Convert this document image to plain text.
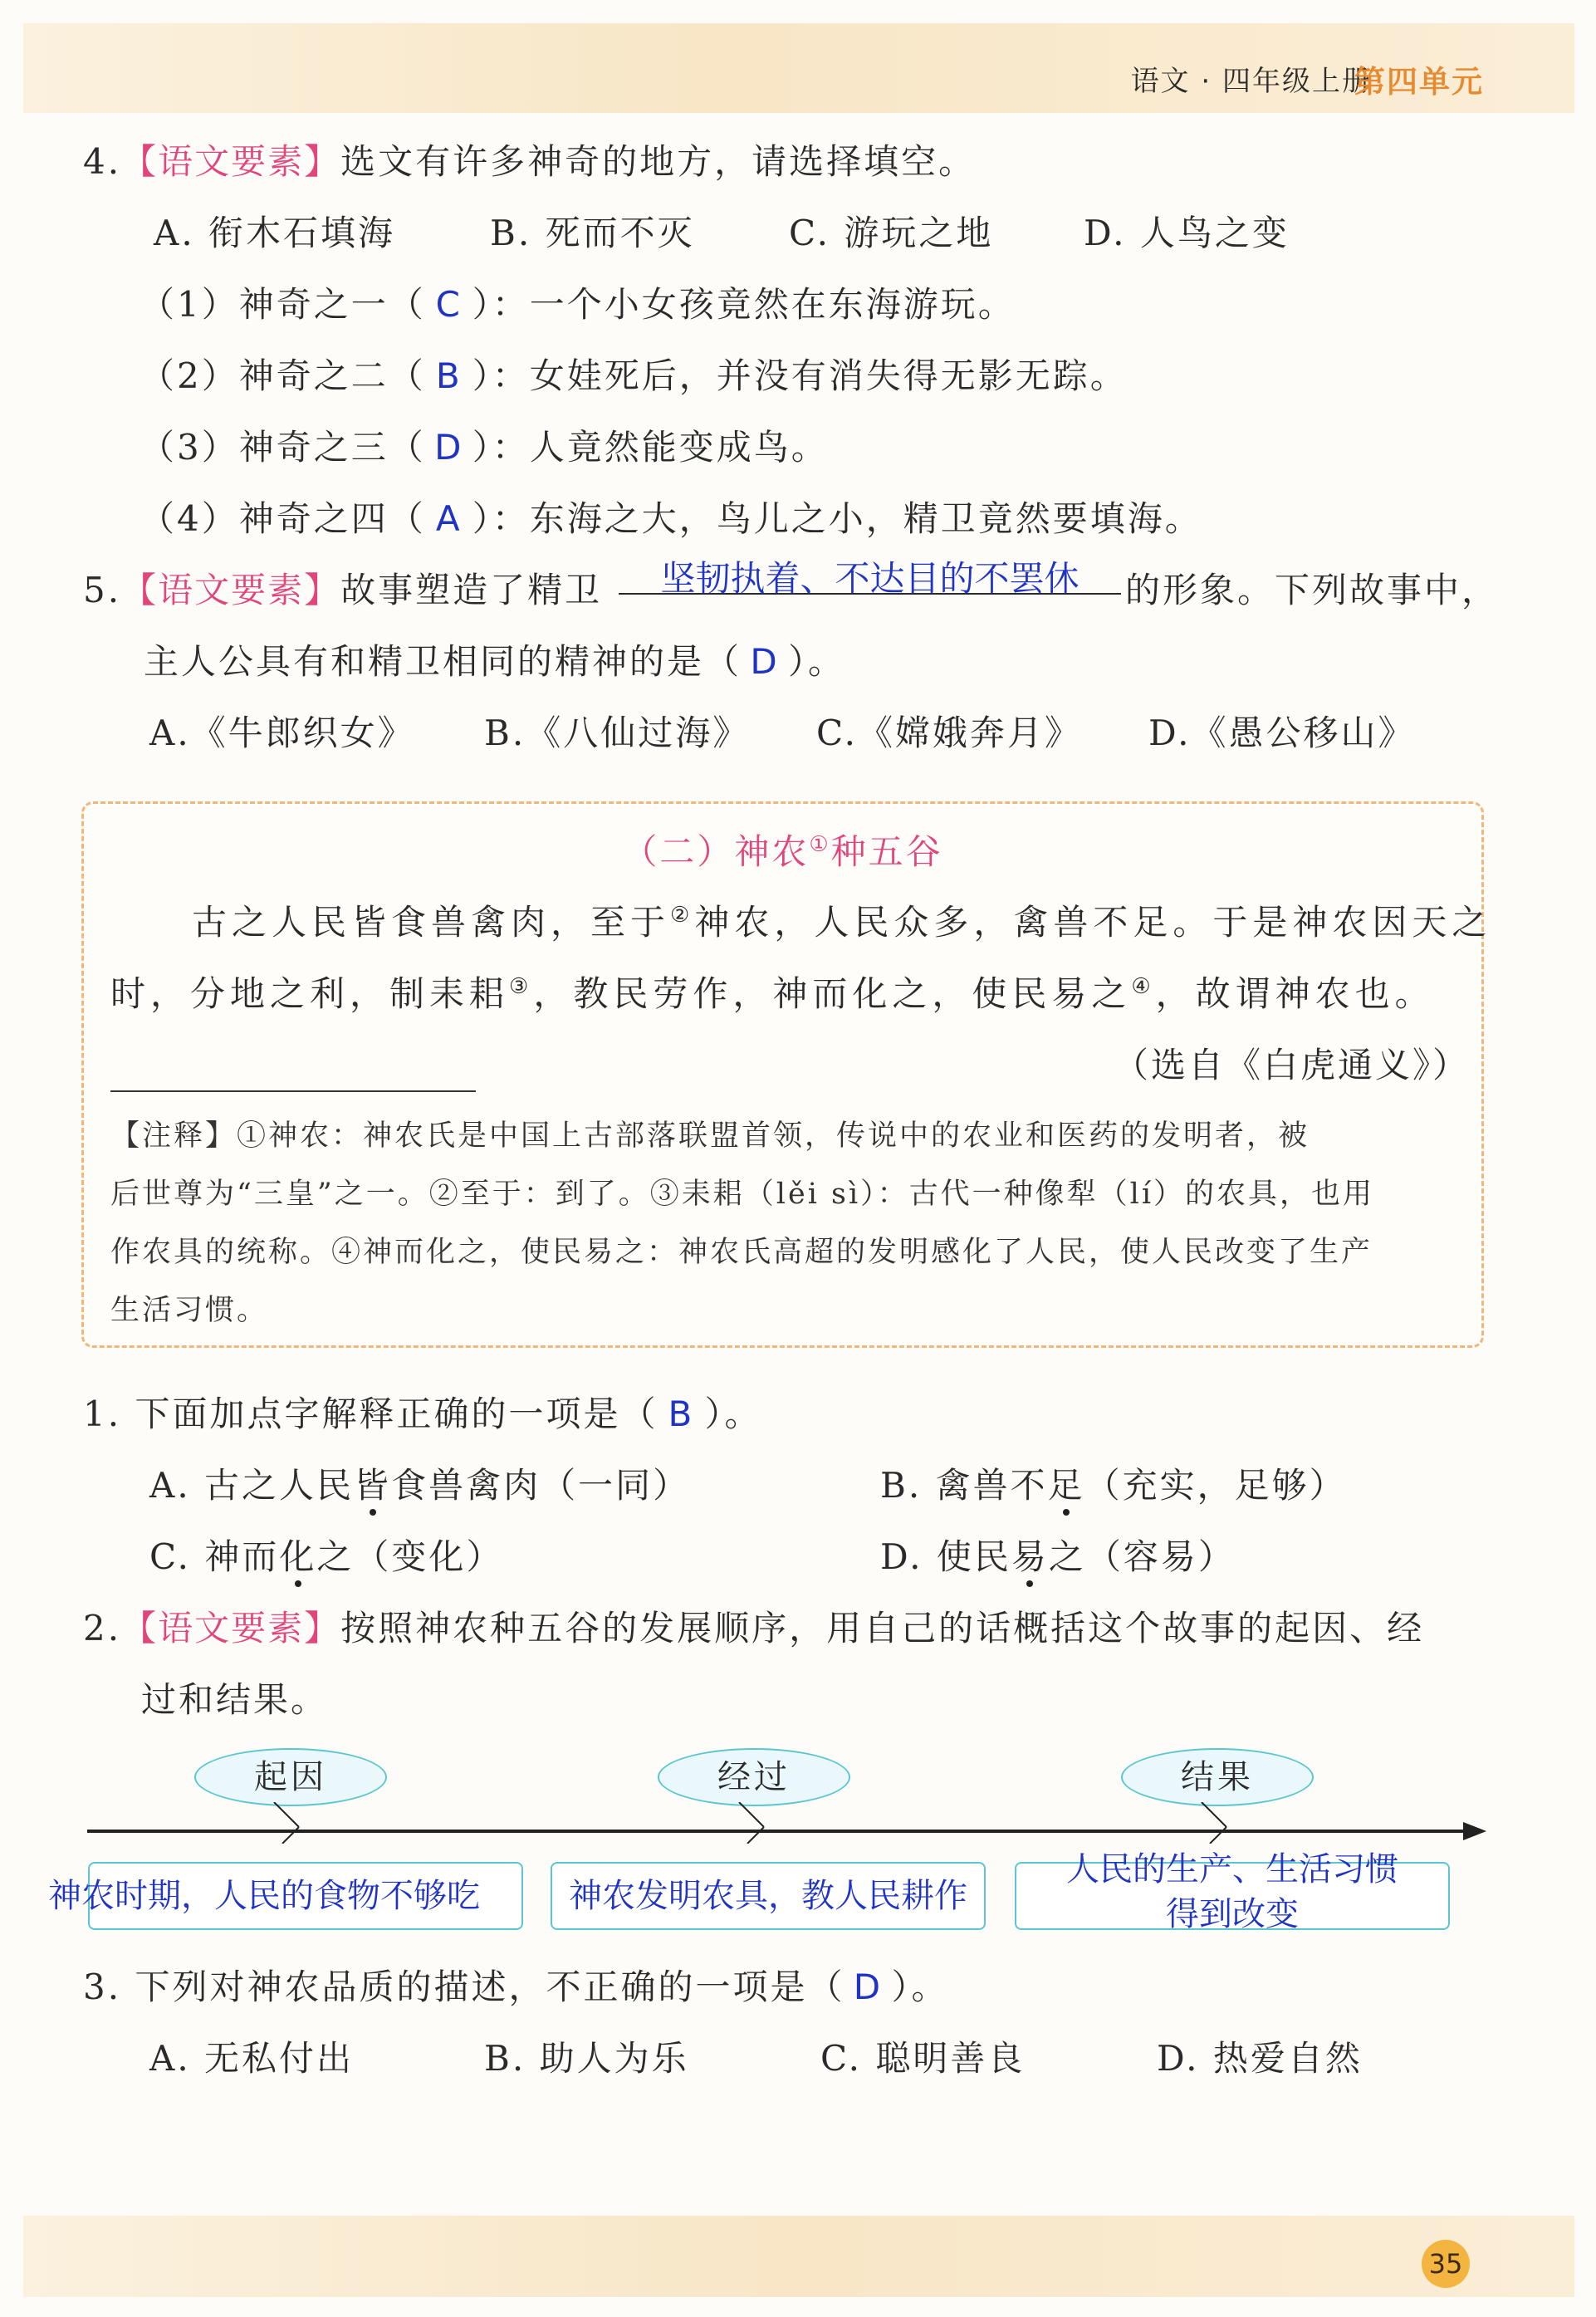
语文 · 四年级上册
第四单元
4.【语文要素】选文有许多神奇的地方，请选择填空。
A. 衔木石填海	B. 死而不灭	C. 游玩之地	D. 人鸟之变
（1）神奇之一（ C ）：一个小女孩竟然在东海游玩。
（2）神奇之二（ B ）：女娃死后，并没有消失得无影无踪。
（3）神奇之三（ D ）：人竟然能变成鸟。
（4）神奇之四（ A ）：东海之大，鸟儿之小，精卫竟然要填海。
5.【语文要素】故事塑造了精卫	坚韧执着、不达目的不罢休	的形象。下列故事中，
主人公具有和精卫相同的精神的是（ D ）。
A.《牛郎织女》 B.《八仙过海》 C.《嫦娥奔月》 D.《愚公移山》
（二）神农①种五谷
古之人民皆食兽禽肉，至于②神农，人民众多，禽兽不足。于是神农因天之
时，分地之利，制耒耜③，教民劳作，神而化之，使民易之④，故谓神农也。
（选自《白虎通义》）
【注释】①神农：神农氏是中国上古部落联盟首领，传说中的农业和医药的发明者，被
后世尊为“三皇”之一。②至于：到了。③耒耜（lěi sì）：古代一种像犁（lí）的农具，也用
作农具的统称。④神而化之，使民易之：神农氏高超的发明感化了人民，使人民改变了生产
生活习惯。
1. 下面加点字解释正确的一项是（ B ）。
A. 古之人民皆食兽禽肉（一同）	B. 禽兽不足（充实，足够）
C. 神而化之（变化）	D. 使民易之（容易）
2.【语文要素】按照神农种五谷的发展顺序，用自己的话概括这个故事的起因、经
过和结果。
起因	经过	结果
神农时期，人民的食物不够吃	神农发明农具，教人民耕作
人民的生产、生活习惯
得到改变
3. 下列对神农品质的描述，不正确的一项是（ D ）。
A. 无私付出	B. 助人为乐	C. 聪明善良	D. 热爱自然
35
